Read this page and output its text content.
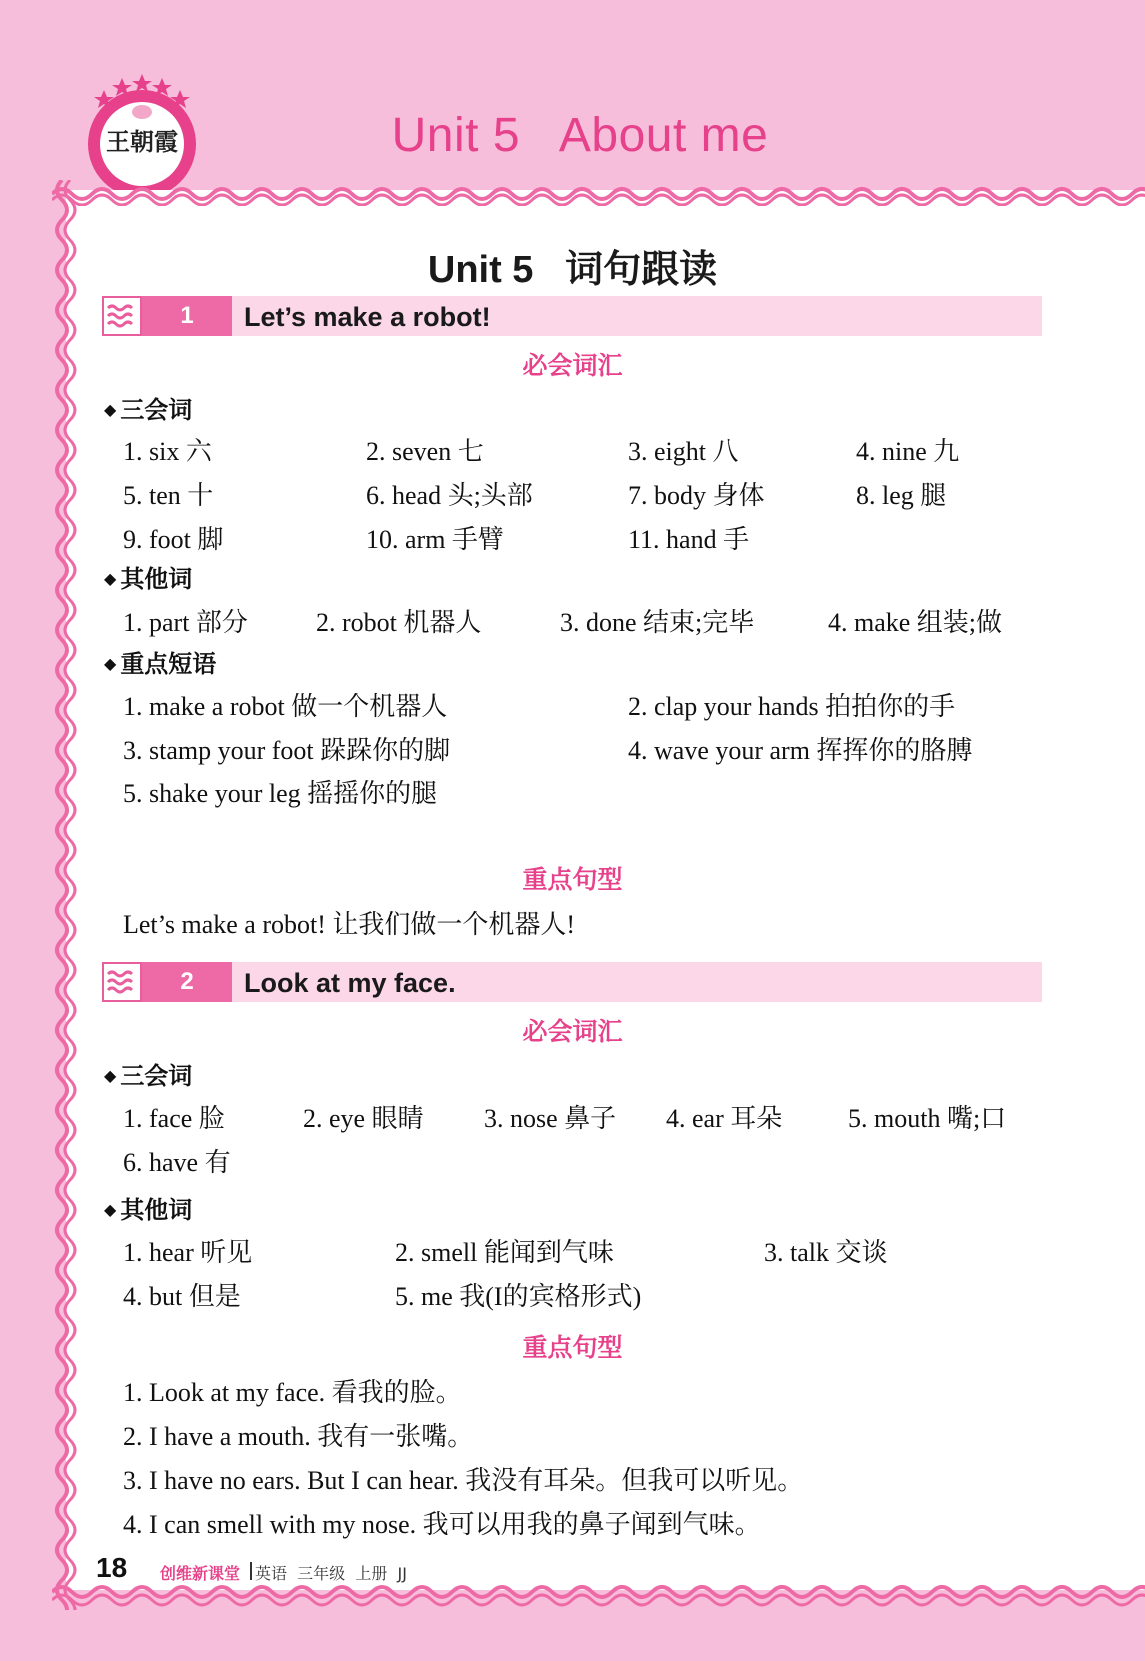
王朝霞	Unit 5   About me
Unit 5   词句跟读
1	Let’s make a robot!
必会词汇
◆ 三会词
1. six 六	2. seven 七	3. eight 八	4. nine 九
5. ten 十	6. head 头;头部	7. body 身体	8. leg 腿
9. foot 脚	10. arm 手臂	11. hand 手
◆ 其他词
1. part 部分	2. robot 机器人	3. done 结束;完毕	4. make 组装;做
◆ 重点短语
1. make a robot 做一个机器人	2. clap your hands 拍拍你的手
3. stamp your foot 跺跺你的脚	4. wave your arm 挥挥你的胳膊
5. shake your leg 摇摇你的腿
重点句型
Let’s make a robot! 让我们做一个机器人!
2	Look at my face.
必会词汇
◆ 三会词
1. face 脸	2. eye 眼睛 3. nose 鼻子 4. ear 耳朵	5. mouth 嘴;口
6. have 有
◆ 其他词
1. hear 听见	2. smell 能闻到气味	3. talk 交谈
4. but 但是	5. me 我(I的宾格形式)
重点句型
1. Look at my face. 看我的脸。
2. I have a mouth. 我有一张嘴。
3. I have no ears. But I can hear. 我没有耳朵。但我可以听见。
4. I can smell with my nose. 我可以用我的鼻子闻到气味。
18 创维新课堂 英语  三年级  上册  JJ
